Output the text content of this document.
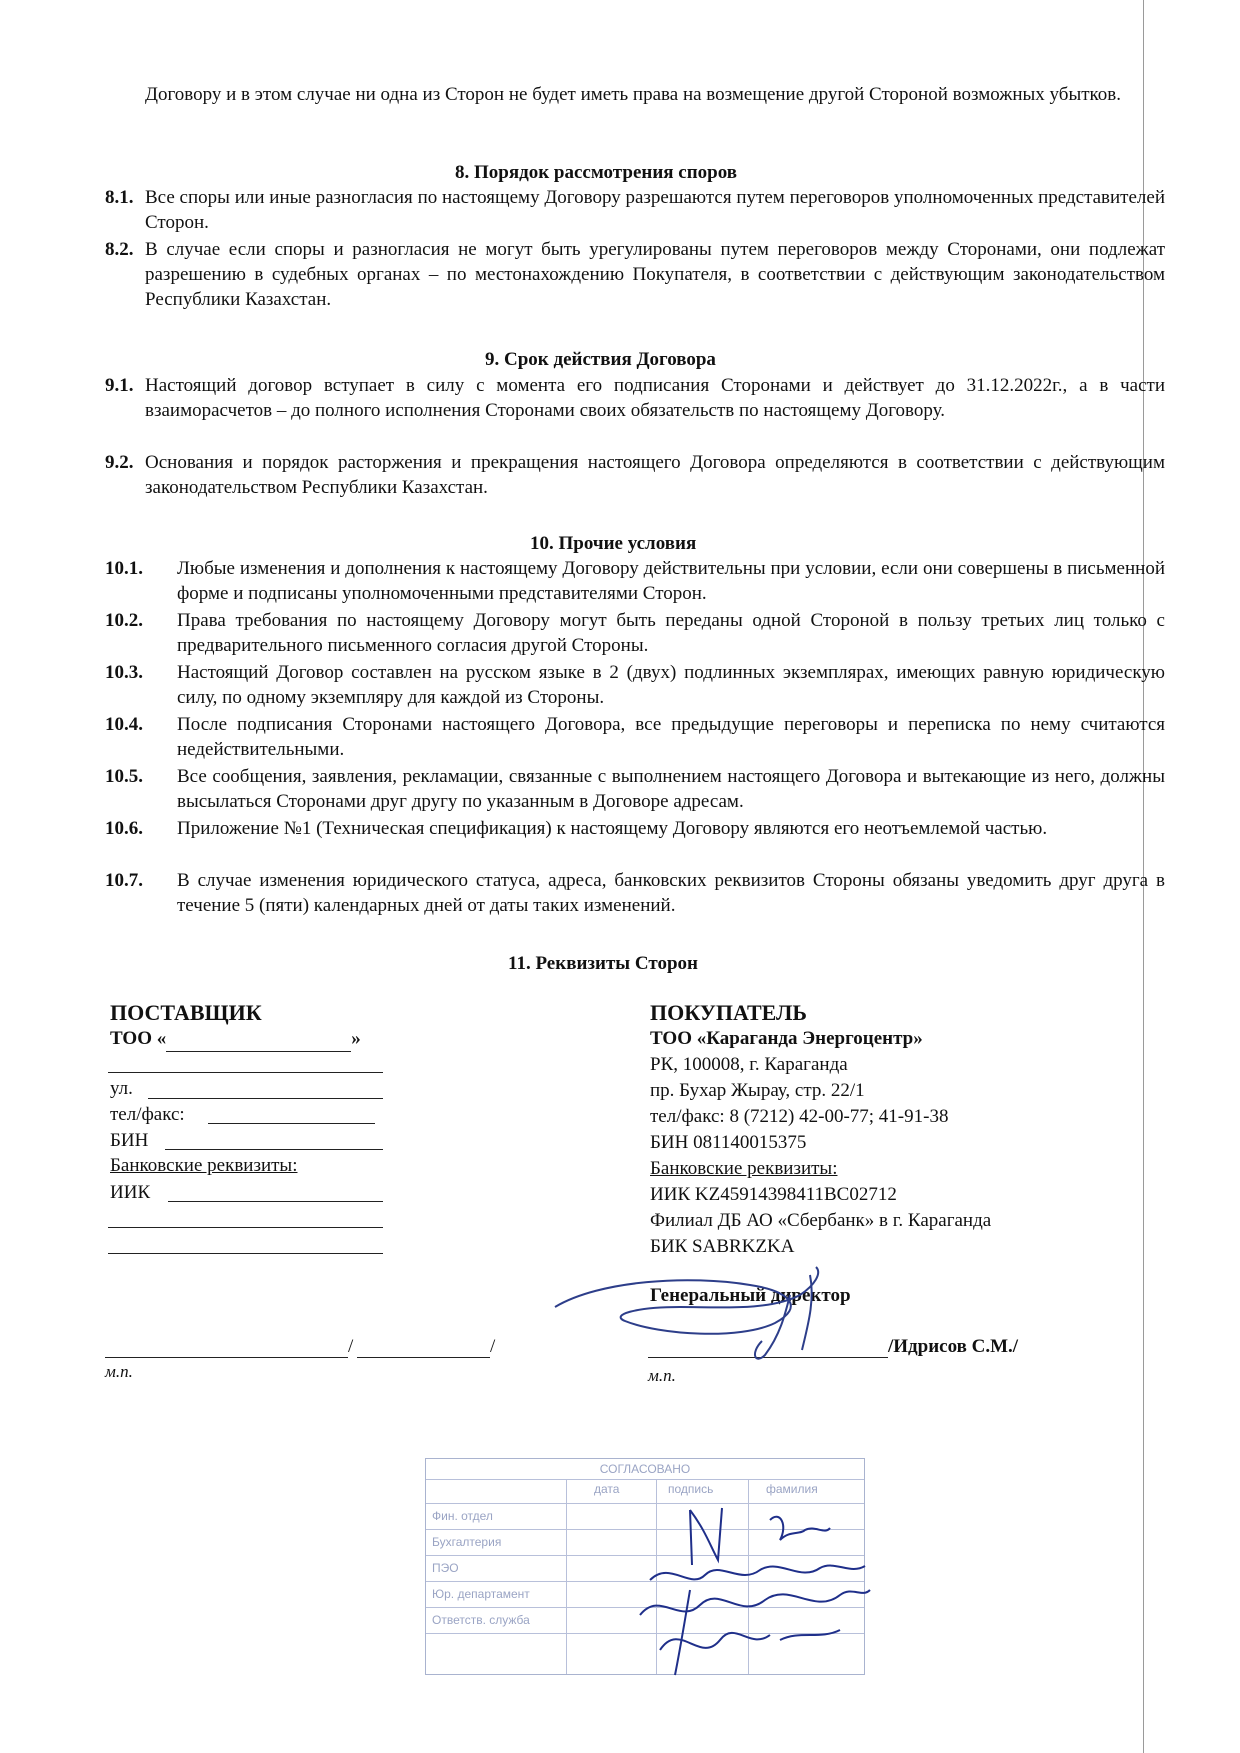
Договору и в этом случае ни одна из Сторон не будет иметь права на возмещение другой Стороной возможных убытков.

8. Порядок рассмотрения споров
8.1. Все споры или иные разногласия по настоящему Договору разрешаются путем переговоров уполномоченных представителей Сторон.
8.2. В случае если споры и разногласия не могут быть урегулированы путем переговоров между Сторонами, они подлежат разрешению в судебных органах – по местонахождению Покупателя, в соответствии с действующим законодательством Республики Казахстан.
9. Срок действия Договора
9.1. Настоящий договор вступает в силу с момента его подписания Сторонами и действует до 31.12.2022г., а в части взаиморасчетов – до полного исполнения Сторонами своих обязательств по настоящему Договору.
9.2. Основания и порядок расторжения и прекращения настоящего Договора определяются в соответствии с действующим законодательством Республики Казахстан.
10. Прочие условия
10.1. Любые изменения и дополнения к настоящему Договору действительны при условии, если они совершены в письменной форме и подписаны уполномоченными представителями Сторон.
10.2. Права требования по настоящему Договору могут быть переданы одной Стороной в пользу третьих лиц только с предварительного письменного согласия другой Стороны.
10.3. Настоящий Договор составлен на русском языке в 2 (двух) подлинных экземплярах, имеющих равную юридическую силу, по одному экземпляру для каждой из Стороны.
10.4. После подписания Сторонами настоящего Договора, все предыдущие переговоры и переписка по нему считаются недействительными.
10.5. Все сообщения, заявления, рекламации, связанные с выполнением настоящего Договора и вытекающие из него, должны высылаться Сторонами друг другу по указанным в Договоре адресам.
10.6. Приложение №1 (Техническая спецификация) к настоящему Договору являются его неотъемлемой частью.
10.7. В случае изменения юридического статуса, адреса, банковских реквизитов Стороны обязаны уведомить друг друга в течение 5 (пяти) календарных дней от даты таких изменений.
11. Реквизиты Сторон
ПОСТАВЩИК
ТОО «	»
ул.
тел/факс:
БИН
Банковские реквизиты:
ИИК
/	/
м.п.
ПОКУПАТЕЛЬ
ТОО «Караганда Энергоцентр»
РК, 100008, г. Караганда
пр. Бухар Жырау, стр. 22/1
тел/факс: 8 (7212) 42-00-77; 41-91-38
БИН 081140015375
Банковские реквизиты:
ИИК KZ45914398411BC02712
Филиал ДБ АО «Сбербанк» в г. Караганда
БИК SABRKZKA
Генеральный директор
/Идрисов С.М./
м.п.
СОГЛАСОВАНО
дата	подпись	фамилия
Фин. отдел
Бухгалтерия
ПЭО
Юр. департамент
Ответств. служба
